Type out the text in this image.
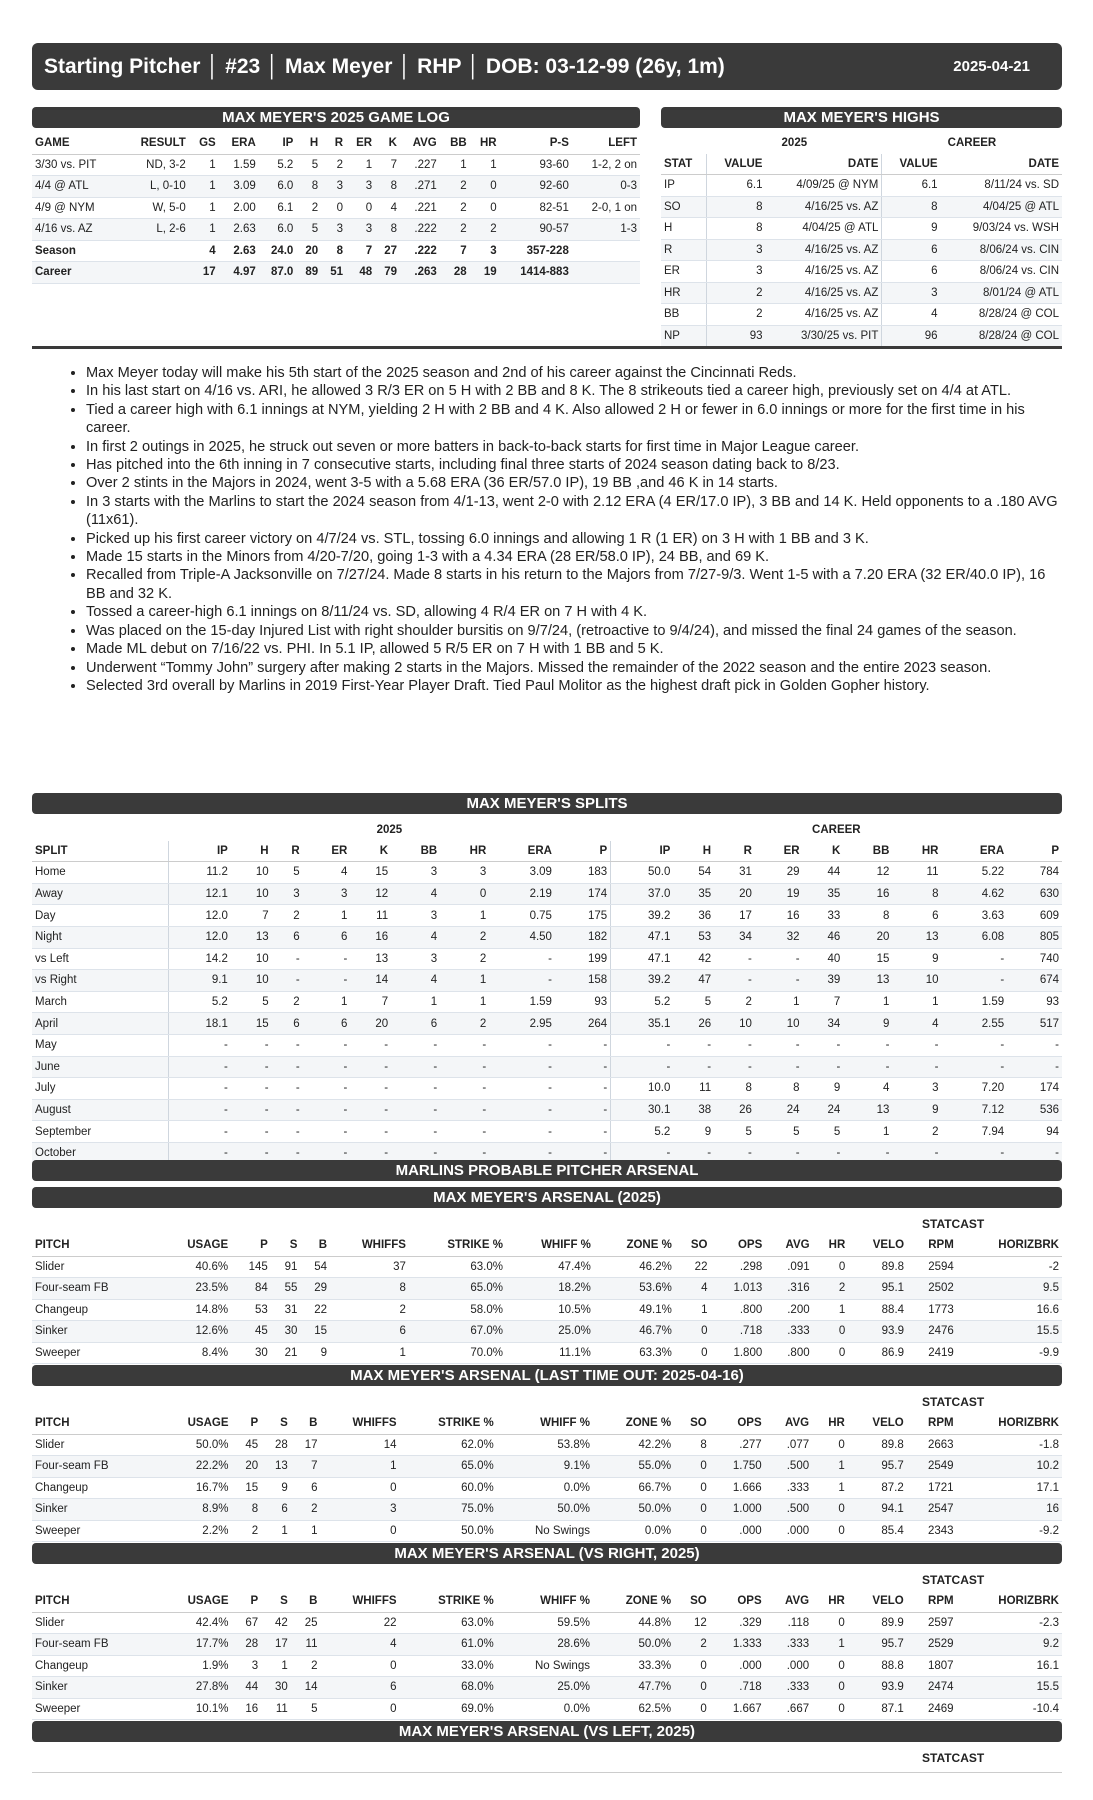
Starting Pitcher │ #23 │ Max Meyer │ RHP │ DOB: 03-12-99 (26y, 1m)	2025-04-21
MAX MEYER'S 2025 GAME LOG
GAME	RESULT	GS	ERA	IP	H	R	ER	K	AVG	BB	HR	P-S	LEFT
3/30 vs. PIT	ND, 3-2	1	1.59	5.2	5	2	1	7	.227	1	1	93-60	1-2, 2 on
4/4 @ ATL	L, 0-10	1	3.09	6.0	8	3	3	8	.271	2	0	92-60	0-3
4/9 @ NYM	W, 5-0	1	2.00	6.1	2	0	0	4	.221	2	0	82-51	2-0, 1 on
4/16 vs. AZ	L, 2-6	1	2.63	6.0	5	3	3	8	.222	2	2	90-57	1-3
Season		4	2.63	24.0	20	8	7	27	.222	7	3	357-228	
Career		17	4.97	87.0	89	51	48	79	.263	28	19	1414-883	
MAX MEYER'S HIGHS
	2025		CAREER	
STAT	VALUE	DATE	VALUE	DATE
IP	6.1	4/09/25 @ NYM	6.1	8/11/24 vs. SD
SO	8	4/16/25 vs. AZ	8	4/04/25 @ ATL
H	8	4/04/25 @ ATL	9	9/03/24 vs. WSH
R	3	4/16/25 vs. AZ	6	8/06/24 vs. CIN
ER	3	4/16/25 vs. AZ	6	8/06/24 vs. CIN
HR	2	4/16/25 vs. AZ	3	8/01/24 @ ATL
BB	2	4/16/25 vs. AZ	4	8/28/24 @ COL
NP	93	3/30/25 vs. PIT	96	8/28/24 @ COL
• Max Meyer today will make his 5th start of the 2025 season and 2nd of his career against the Cincinnati Reds.
• In his last start on 4/16 vs. ARI, he allowed 3 R/3 ER on 5 H with 2 BB and 8 K. The 8 strikeouts tied a career high, previously set on 4/4 at ATL.
• Tied a career high with 6.1 innings at NYM, yielding 2 H with 2 BB and 4 K. Also allowed 2 H or fewer in 6.0 innings or more for the first time in his career.
• In first 2 outings in 2025, he struck out seven or more batters in back-to-back starts for first time in Major League career.
• Has pitched into the 6th inning in 7 consecutive starts, including final three starts of 2024 season dating back to 8/23.
• Over 2 stints in the Majors in 2024, went 3-5 with a 5.68 ERA (36 ER/57.0 IP), 19 BB ,and 46 K in 14 starts.
• In 3 starts with the Marlins to start the 2024 season from 4/1-13, went 2-0 with 2.12 ERA (4 ER/17.0 IP), 3 BB and 14 K. Held opponents to a .180 AVG (11x61).
• Picked up his first career victory on 4/7/24 vs. STL, tossing 6.0 innings and allowing 1 R (1 ER) on 3 H with 1 BB and 3 K.
• Made 15 starts in the Minors from 4/20-7/20, going 1-3 with a 4.34 ERA (28 ER/58.0 IP), 24 BB, and 69 K.
• Recalled from Triple-A Jacksonville on 7/27/24. Made 8 starts in his return to the Majors from 7/27-9/3. Went 1-5 with a 7.20 ERA (32 ER/40.0 IP), 16 BB and 32 K.
• Tossed a career-high 6.1 innings on 8/11/24 vs. SD, allowing 4 R/4 ER on 7 H with 4 K.
• Was placed on the 15-day Injured List with right shoulder bursitis on 9/7/24, (retroactive to 9/4/24), and missed the final 24 games of the season.
• Made ML debut on 7/16/22 vs. PHI. In 5.1 IP, allowed 5 R/5 ER on 7 H with 1 BB and 5 K.
• Underwent “Tommy John” surgery after making 2 starts in the Majors. Missed the remainder of the 2022 season and the entire 2023 season.
• Selected 3rd overall by Marlins in 2019 First-Year Player Draft. Tied Paul Molitor as the highest draft pick in Golden Gopher history.
MAX MEYER'S SPLITS
	2025									CAREER								
SPLIT	IP	H	R	ER	K	BB	HR	ERA	P	IP	H	R	ER	K	BB	HR	ERA	P
Home	11.2	10	5	4	15	3	3	3.09	183	50.0	54	31	29	44	12	11	5.22	784
Away	12.1	10	3	3	12	4	0	2.19	174	37.0	35	20	19	35	16	8	4.62	630
Day	12.0	7	2	1	11	3	1	0.75	175	39.2	36	17	16	33	8	6	3.63	609
Night	12.0	13	6	6	16	4	2	4.50	182	47.1	53	34	32	46	20	13	6.08	805
vs Left	14.2	10	-	-	13	3	2	-	199	47.1	42	-	-	40	15	9	-	740
vs Right	9.1	10	-	-	14	4	1	-	158	39.2	47	-	-	39	13	10	-	674
March	5.2	5	2	1	7	1	1	1.59	93	5.2	5	2	1	7	1	1	1.59	93
April	18.1	15	6	6	20	6	2	2.95	264	35.1	26	10	10	34	9	4	2.55	517
May	-	-	-	-	-	-	-	-	-	-	-	-	-	-	-	-	-	-
June	-	-	-	-	-	-	-	-	-	-	-	-	-	-	-	-	-	-
July	-	-	-	-	-	-	-	-	-	10.0	11	8	8	9	4	3	7.20	174
August	-	-	-	-	-	-	-	-	-	30.1	38	26	24	24	13	9	7.12	536
September	-	-	-	-	-	-	-	-	-	5.2	9	5	5	5	1	2	7.94	94
October	-	-	-	-	-	-	-	-	-	-	-	-	-	-	-	-	-	-
MARLINS PROBABLE PITCHER ARSENAL
MAX MEYER'S ARSENAL (2025)
STATCAST
PITCH	USAGE	P	S	B	WHIFFS	STRIKE %	WHIFF %	ZONE %	SO	OPS	AVG	HR	VELO	RPM	HORIZBRK
Slider	40.6%	145	91	54	37	63.0%	47.4%	46.2%	22	.298	.091	0	89.8	2594	-2
Four-seam FB	23.5%	84	55	29	8	65.0%	18.2%	53.6%	4	1.013	.316	2	95.1	2502	9.5
Changeup	14.8%	53	31	22	2	58.0%	10.5%	49.1%	1	.800	.200	1	88.4	1773	16.6
Sinker	12.6%	45	30	15	6	67.0%	25.0%	46.7%	0	.718	.333	0	93.9	2476	15.5
Sweeper	8.4%	30	21	9	1	70.0%	11.1%	63.3%	0	1.800	.800	0	86.9	2419	-9.9
MAX MEYER'S ARSENAL (LAST TIME OUT: 2025-04-16)
STATCAST
PITCH	USAGE	P	S	B	WHIFFS	STRIKE %	WHIFF %	ZONE %	SO	OPS	AVG	HR	VELO	RPM	HORIZBRK
Slider	50.0%	45	28	17	14	62.0%	53.8%	42.2%	8	.277	.077	0	89.8	2663	-1.8
Four-seam FB	22.2%	20	13	7	1	65.0%	9.1%	55.0%	0	1.750	.500	1	95.7	2549	10.2
Changeup	16.7%	15	9	6	0	60.0%	0.0%	66.7%	0	1.666	.333	1	87.2	1721	17.1
Sinker	8.9%	8	6	2	3	75.0%	50.0%	50.0%	0	1.000	.500	0	94.1	2547	16
Sweeper	2.2%	2	1	1	0	50.0%	No Swings	0.0%	0	.000	.000	0	85.4	2343	-9.2
MAX MEYER'S ARSENAL (VS RIGHT, 2025)
STATCAST
PITCH	USAGE	P	S	B	WHIFFS	STRIKE %	WHIFF %	ZONE %	SO	OPS	AVG	HR	VELO	RPM	HORIZBRK
Slider	42.4%	67	42	25	22	63.0%	59.5%	44.8%	12	.329	.118	0	89.9	2597	-2.3
Four-seam FB	17.7%	28	17	11	4	61.0%	28.6%	50.0%	2	1.333	.333	1	95.7	2529	9.2
Changeup	1.9%	3	1	2	0	33.0%	No Swings	33.3%	0	.000	.000	0	88.8	1807	16.1
Sinker	27.8%	44	30	14	6	68.0%	25.0%	47.7%	0	.718	.333	0	93.9	2474	15.5
Sweeper	10.1%	16	11	5	0	69.0%	0.0%	62.5%	0	1.667	.667	0	87.1	2469	-10.4
MAX MEYER'S ARSENAL (VS LEFT, 2025)
STATCAST
